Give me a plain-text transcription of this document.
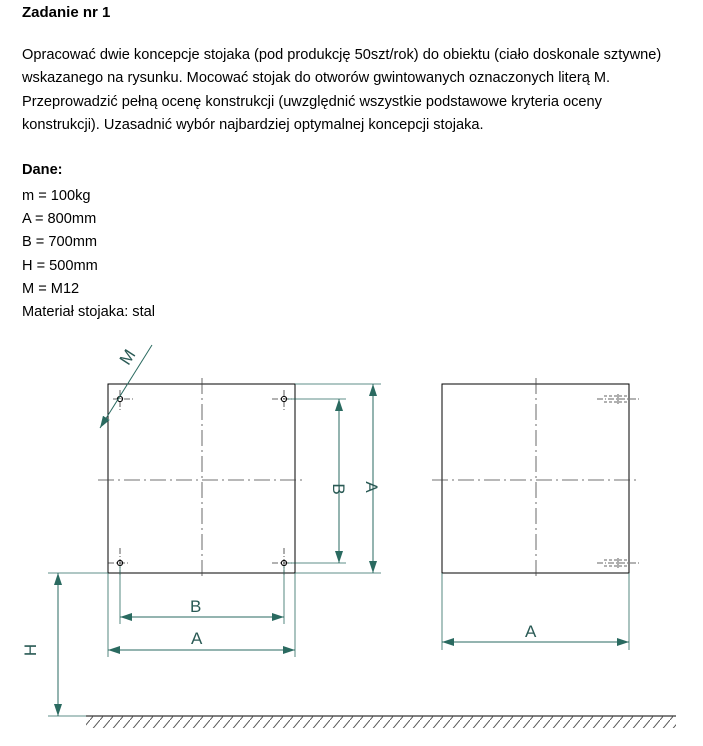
Zadanie nr 1

Opracować dwie koncepcje stojaka (pod produkcję 50szt/rok) do obiektu (ciało doskonale sztywne)
wskazanego na rysunku. Mocować stojak do otworów gwintowanych oznaczonych literą M.
Przeprowadzić pełną ocenę konstrukcji (uwzględnić wszystkie podstawowe kryteria oceny
konstrukcji). Uzasadnić wybór najbardziej optymalnej koncepcji stojaka.

Dane:
m = 100kg
A = 800mm
B = 700mm
H = 500mm
M = M12
Materiał stojaka: stal
M
B
A
B A
H
A
